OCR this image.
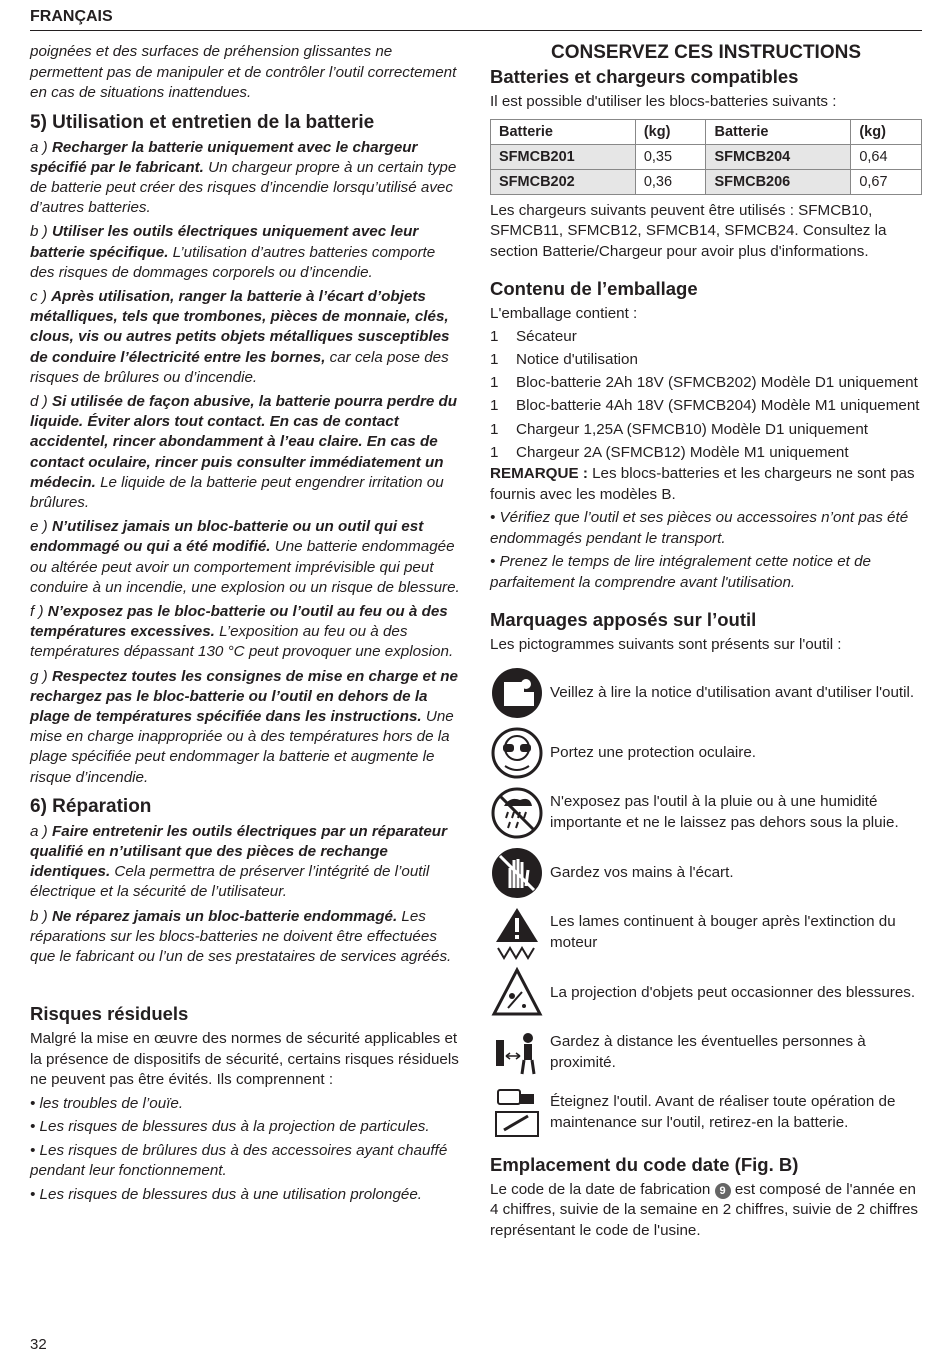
FRANÇAIS

poignées et des surfaces de préhension glissantes ne permettent pas de manipuler et de contrôler l’outil correctement en cas de situations inattendues.

5) Utilisation et entretien de la batterie

a ) Recharger la batterie uniquement avec le chargeur spécifié par le fabricant. Un chargeur propre à un certain type de batterie peut créer des risques d’incendie lorsqu’utilisé avec d’autres batteries.

b ) Utiliser les outils électriques uniquement avec leur batterie spécifique. L’utilisation d’autres batteries comporte des risques de dommages corporels ou d’incendie.

c ) Après utilisation, ranger la batterie à l’écart d’objets métalliques, tels que trombones, pièces de monnaie, clés, clous, vis ou autres petits objets métalliques susceptibles de conduire l’électricité entre les bornes, car cela pose des risques de brûlures ou d’incendie.

d ) Si utilisée de façon abusive, la batterie pourra perdre du liquide. Éviter alors tout contact. En cas de contact accidentel, rincer abondamment à l’eau claire. En cas de contact oculaire, rincer puis consulter immédiatement un médecin. Le liquide de la batterie peut engendrer irritation ou brûlures.

e ) N’utilisez jamais un bloc-batterie ou un outil qui est endommagé ou qui a été modifié. Une batterie endommagée ou altérée peut avoir un comportement imprévisible qui peut conduire à un incendie, une explosion ou un risque de blessure.

f ) N’exposez pas le bloc-batterie ou l’outil au feu ou à des températures excessives. L’exposition au feu ou à des températures dépassant 130 °C peut provoquer une explosion.

g ) Respectez toutes les consignes de mise en charge et ne rechargez pas le bloc-batterie ou l’outil en dehors de la plage de températures spécifiée dans les instructions. Une mise en charge inappropriée ou à des températures hors de la plage spécifiée peut endommager la batterie et augmente le risque d’incendie.

6) Réparation

a ) Faire entretenir les outils électriques par un réparateur qualifié en n’utilisant que des pièces de rechange identiques. Cela permettra de préserver l’intégrité de l’outil électrique et la sécurité de l’utilisateur.

b ) Ne réparez jamais un bloc-batterie endommagé. Les réparations sur les blocs-batteries ne doivent être effectuées que le fabricant ou l’un de ses prestataires de services agréés.

Risques résiduels

Malgré la mise en œuvre des normes de sécurité applicables et la présence de dispositifs de sécurité, certains risques résiduels ne peuvent pas être évités. Ils comprennent :

• les troubles de l’ouïe.

• Les risques de blessures dus à la projection de particules.

• Les risques de brûlures dus à des accessoires ayant chauffé pendant leur fonctionnement.

• Les risques de blessures dus à une utilisation prolongée.

CONSERVEZ CES INSTRUCTIONS
Batteries et chargeurs compatibles

Il est possible d'utiliser les blocs-batteries suivants :

Batterie	(kg)	Batterie	(kg)
SFMCB201	0,35	SFMCB204	0,64
SFMCB202	0,36	SFMCB206	0,67

Les chargeurs suivants peuvent être utilisés : SFMCB10, SFMCB11, SFMCB12, SFMCB14, SFMCB24. Consultez la section Batterie/Chargeur pour avoir plus d'informations.

Contenu de l’emballage

L'emballage contient :

1	Sécateur
1	Notice d'utilisation
1	Bloc-batterie 2Ah 18V (SFMCB202) Modèle D1 uniquement
1	Bloc-batterie 4Ah 18V (SFMCB204) Modèle M1 uniquement
1	Chargeur 1,25A (SFMCB10) Modèle D1 uniquement
1	Chargeur 2A (SFMCB12) Modèle M1 uniquement

REMARQUE : Les blocs-batteries et les chargeurs ne sont pas fournis avec les modèles B.

• Vérifiez que l’outil et ses pièces ou accessoires n’ont pas été endommagés pendant le transport.

• Prenez le temps de lire intégralement cette notice et de parfaitement la comprendre avant l'utilisation.

Marquages apposés sur l’outil

Les pictogrammes suivants sont présents sur l'outil :

Veillez à lire la notice d'utilisation avant d'utiliser l'outil.
Portez une protection oculaire.
N'exposez pas l'outil à la pluie ou à une humidité importante et ne le laissez pas dehors sous la pluie.
Gardez vos mains à l'écart.
Les lames continuent à bouger après l'extinction du moteur
La projection d'objets peut occasionner des blessures.
Gardez à distance les éventuelles personnes à proximité.
Éteignez l'outil. Avant de réaliser toute opération de maintenance sur l'outil, retirez-en la batterie.
Emplacement du code date (Fig. B)

Le code de la date de fabrication 9 est composé de l'année en 4 chiffres, suivie de la semaine en 2 chiffres, suivie de 2 chiffres représentant le code de l'usine.

32
